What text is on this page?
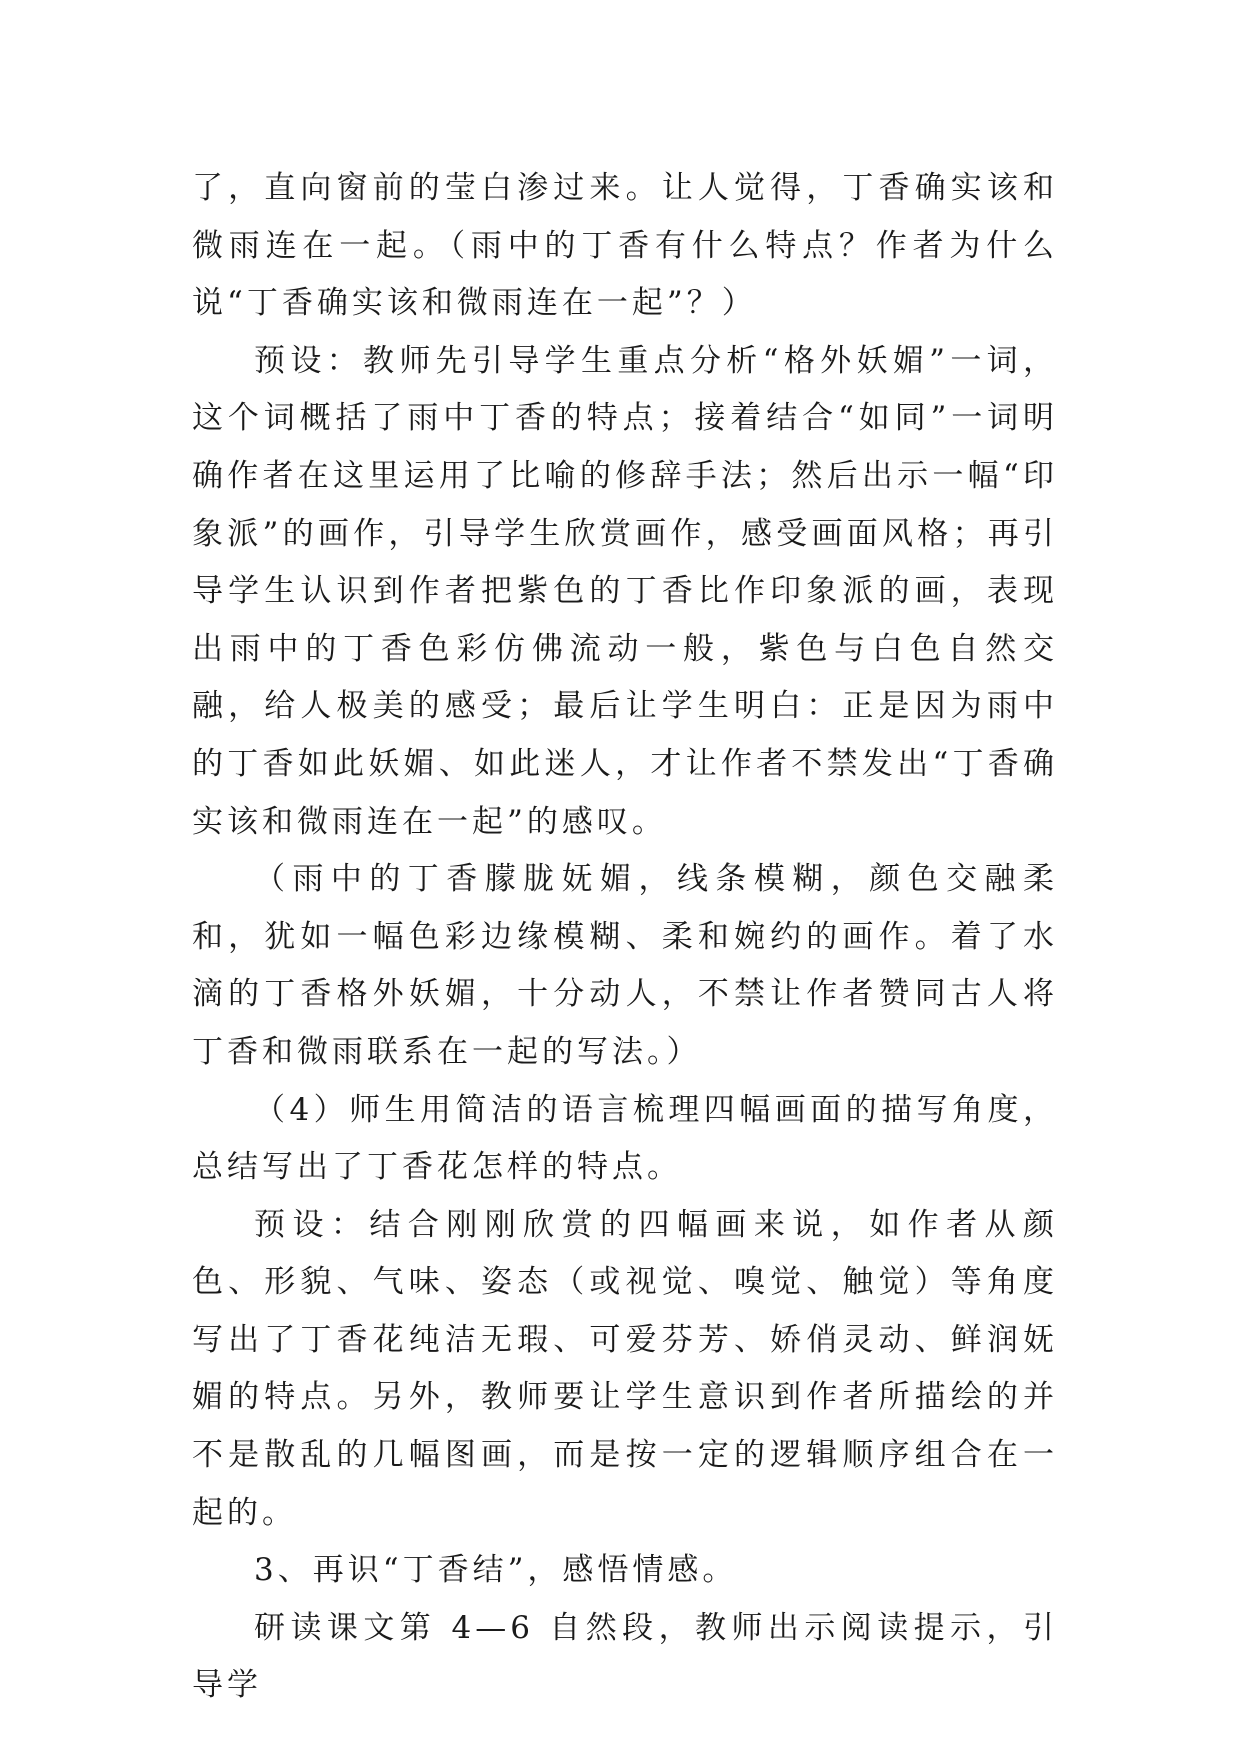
了，直向窗前的莹白渗过来。让人觉得，丁香确实该和微雨连在一起。（雨中的丁香有什么特点？作者为什么说“丁香确实该和微雨连在一起”？）

预设：教师先引导学生重点分析“格外妖媚”一词，这个词概括了雨中丁香的特点；接着结合“如同”一词明确作者在这里运用了比喻的修辞手法；然后出示一幅“印象派”的画作，引导学生欣赏画作，感受画面风格；再引导学生认识到作者把紫色的丁香比作印象派的画，表现出雨中的丁香色彩仿佛流动一般，紫色与白色自然交融，给人极美的感受；最后让学生明白：正是因为雨中的丁香如此妖媚、如此迷人，才让作者不禁发出“丁香确实该和微雨连在一起”的感叹。

（雨中的丁香朦胧妩媚，线条模糊，颜色交融柔和，犹如一幅色彩边缘模糊、柔和婉约的画作。着了水滴的丁香格外妖媚，十分动人，不禁让作者赞同古人将丁香和微雨联系在一起的写法。）

（4）师生用简洁的语言梳理四幅画面的描写角度，总结写出了丁香花怎样的特点。

预设：结合刚刚欣赏的四幅画来说，如作者从颜色、形貌、气味、姿态（或视觉、嗅觉、触觉）等角度写出了丁香花纯洁无瑕、可爱芬芳、娇俏灵动、鲜润妩媚的特点。另外，教师要让学生意识到作者所描绘的并不是散乱的几幅图画，而是按一定的逻辑顺序组合在一起的。

3、再识“丁香结”，感悟情感。

研读课文第 4—6 自然段，教师出示阅读提示，引导学
